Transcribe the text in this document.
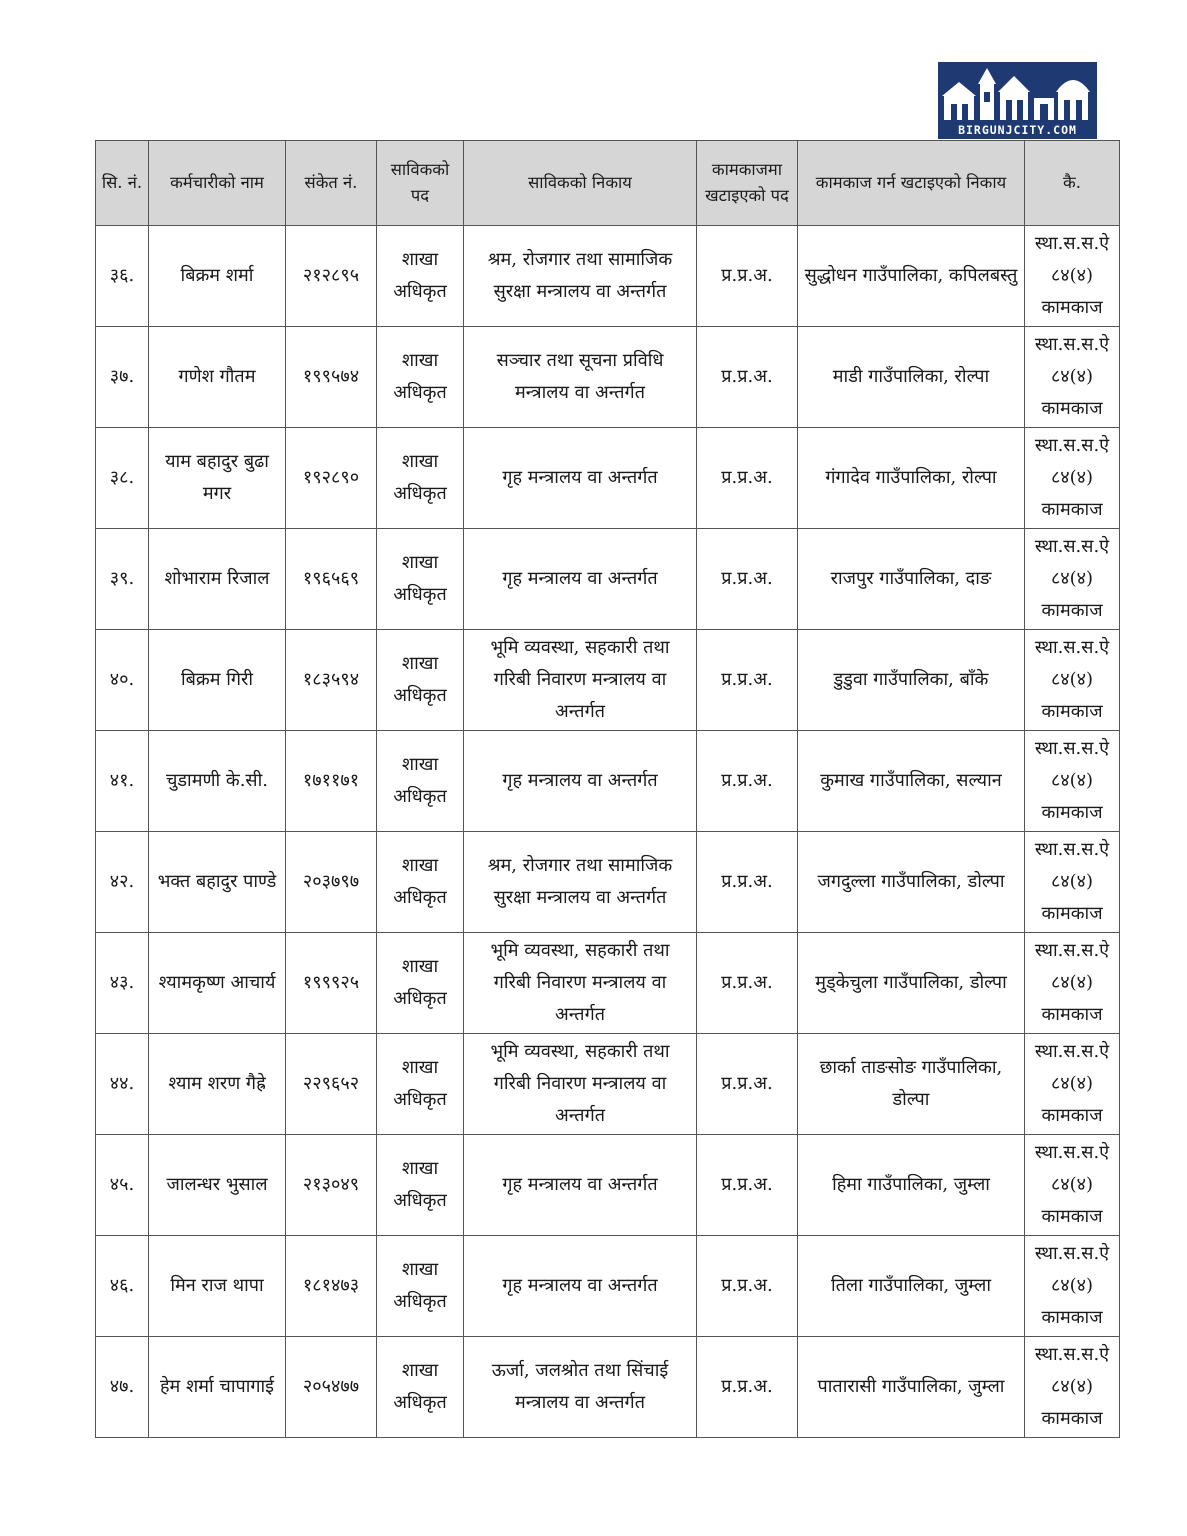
BIRGUNJCITY.COM
सि. नं.	कर्मचारीको नाम	संकेत नं.	साविकको पद	साविकको निकाय	कामकाजमा खटाइएको पद	कामकाज गर्न खटाइएको निकाय	कै.
३६.	बिक्रम शर्मा	२१२८९५	शाखा अधिकृत	श्रम, रोजगार तथा सामाजिक सुरक्षा मन्त्रालय वा अन्तर्गत	प्र.प्र.अ.	सुद्धोधन गाउँपालिका, कपिलबस्तु	स्था.स.स.ऐ ८४(४) कामकाज
३७.	गणेश गौतम	१९९५७४	शाखा अधिकृत	सञ्चार तथा सूचना प्रविधि मन्त्रालय वा अन्तर्गत	प्र.प्र.अ.	माडी गाउँपालिका, रोल्पा	स्था.स.स.ऐ ८४(४) कामकाज
३८.	याम बहादुर बुढा मगर	१९२८९०	शाखा अधिकृत	गृह मन्त्रालय वा अन्तर्गत	प्र.प्र.अ.	गंगादेव गाउँपालिका, रोल्पा	स्था.स.स.ऐ ८४(४) कामकाज
३९.	शोभाराम रिजाल	१९६५६९	शाखा अधिकृत	गृह मन्त्रालय वा अन्तर्गत	प्र.प्र.अ.	राजपुर गाउँपालिका, दाङ	स्था.स.स.ऐ ८४(४) कामकाज
४०.	बिक्रम गिरी	१८३५९४	शाखा अधिकृत	भूमि व्यवस्था, सहकारी तथा गरिबी निवारण मन्त्रालय वा अन्तर्गत	प्र.प्र.अ.	डुडुवा गाउँपालिका, बाँके	स्था.स.स.ऐ ८४(४) कामकाज
४१.	चुडामणी के.सी.	१७११७१	शाखा अधिकृत	गृह मन्त्रालय वा अन्तर्गत	प्र.प्र.अ.	कुमाख गाउँपालिका, सल्यान	स्था.स.स.ऐ ८४(४) कामकाज
४२.	भक्त बहादुर पाण्डे	२०३७९७	शाखा अधिकृत	श्रम, रोजगार तथा सामाजिक सुरक्षा मन्त्रालय वा अन्तर्गत	प्र.प्र.अ.	जगदुल्ला गाउँपालिका, डोल्पा	स्था.स.स.ऐ ८४(४) कामकाज
४३.	श्यामकृष्ण आचार्य	१९९९२५	शाखा अधिकृत	भूमि व्यवस्था, सहकारी तथा गरिबी निवारण मन्त्रालय वा अन्तर्गत	प्र.प्र.अ.	मुड्केचुला गाउँपालिका, डोल्पा	स्था.स.स.ऐ ८४(४) कामकाज
४४.	श्याम शरण गैह्रे	२२९६५२	शाखा अधिकृत	भूमि व्यवस्था, सहकारी तथा गरिबी निवारण मन्त्रालय वा अन्तर्गत	प्र.प्र.अ.	छार्का ताङसोङ गाउँपालिका, डोल्पा	स्था.स.स.ऐ ८४(४) कामकाज
४५.	जालन्धर भुसाल	२१३०४९	शाखा अधिकृत	गृह मन्त्रालय वा अन्तर्गत	प्र.प्र.अ.	हिमा गाउँपालिका, जुम्ला	स्था.स.स.ऐ ८४(४) कामकाज
४६.	मिन राज थापा	१८१४७३	शाखा अधिकृत	गृह मन्त्रालय वा अन्तर्गत	प्र.प्र.अ.	तिला गाउँपालिका, जुम्ला	स्था.स.स.ऐ ८४(४) कामकाज
४७.	हेम शर्मा चापागाई	२०५४७७	शाखा अधिकृत	ऊर्जा, जलश्रोत तथा सिंचाई मन्त्रालय वा अन्तर्गत	प्र.प्र.अ.	पातारासी गाउँपालिका, जुम्ला	स्था.स.स.ऐ ८४(४) कामकाज
